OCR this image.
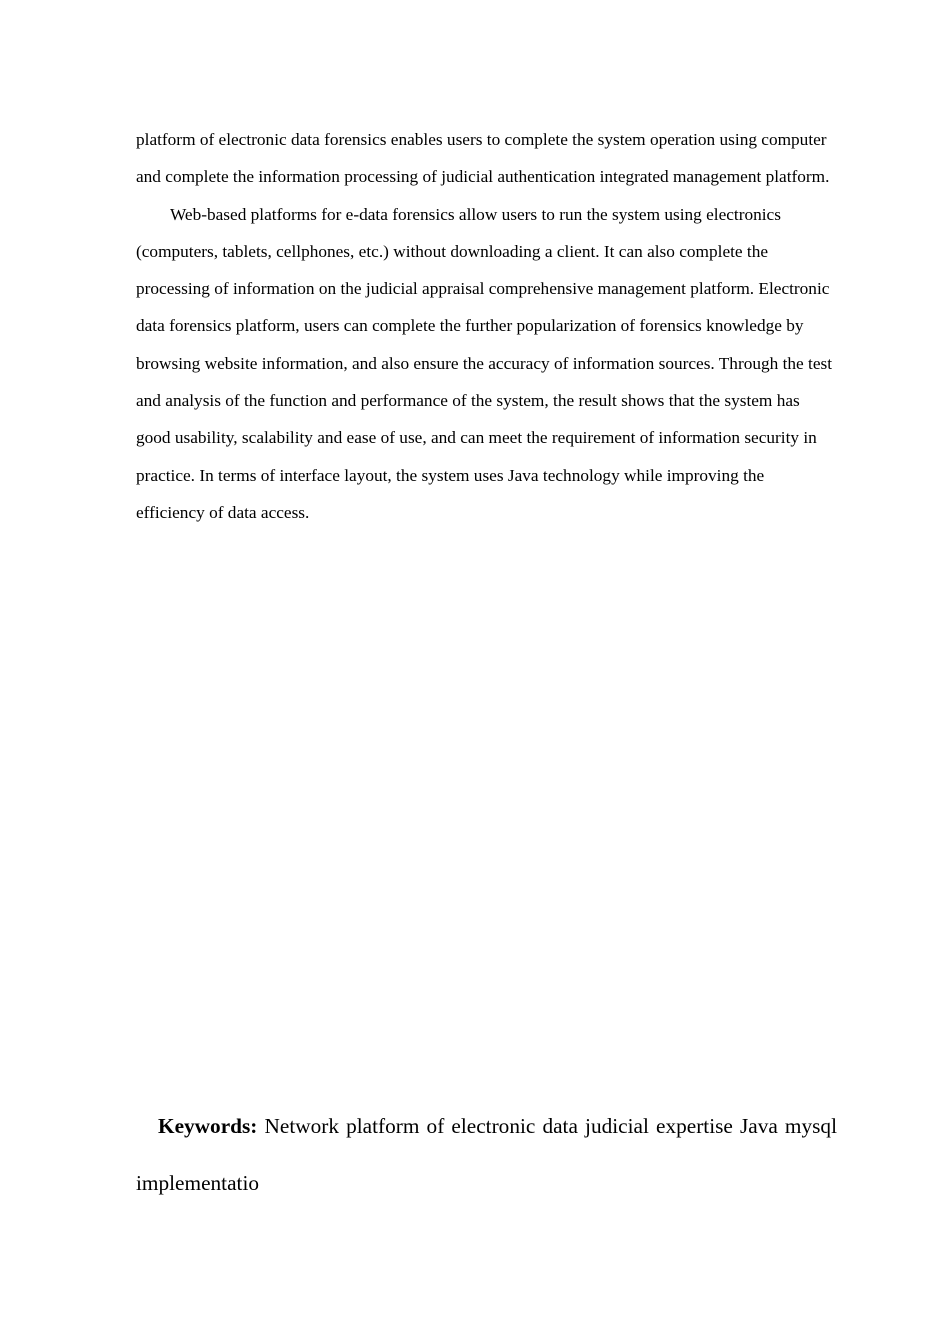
platform of electronic data forensics enables users to complete the system operation using computer and complete the information processing of judicial authentication integrated management platform.

Web-based platforms for e-data forensics allow users to run the system using electronics (computers, tablets, cellphones, etc.) without downloading a client. It can also complete the processing of information on the judicial appraisal comprehensive management platform. Electronic data forensics platform, users can complete the further popularization of forensics knowledge by browsing website information, and also ensure the accuracy of information sources. Through the test and analysis of the function and performance of the system, the result shows that the system has good usability, scalability and ease of use, and can meet the requirement of information security in practice. In terms of interface layout, the system uses Java technology while improving the efficiency of data access.

Keywords: Network platform of electronic data judicial expertise Java mysql implementatio
